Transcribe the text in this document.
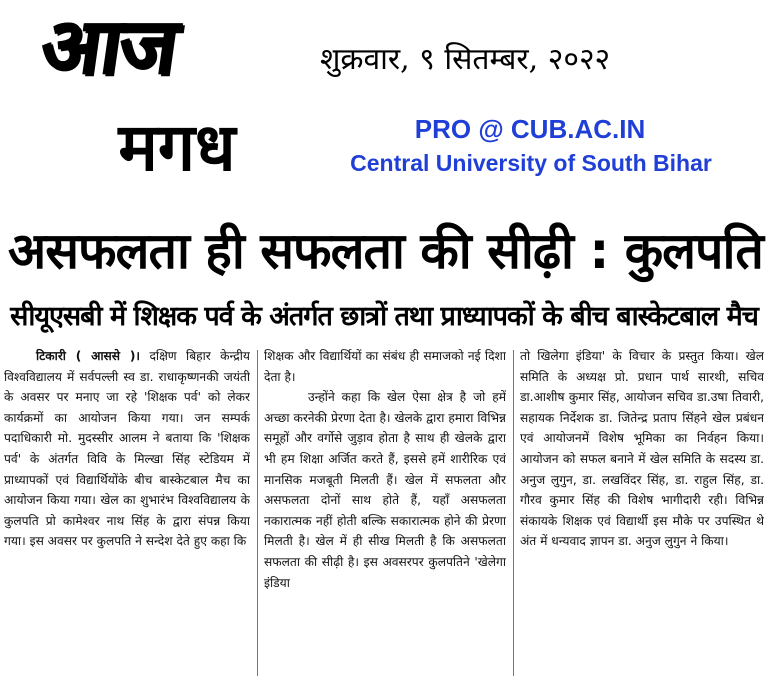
आज
मगध
शुक्रवार, ९ सितम्बर, २०२२
PRO @ CUB.AC.IN
Central University of South Bihar
असफलता ही सफलता की सीढ़ी : कुलपति
सीयूएसबी में शिक्षक पर्व के अंतर्गत छात्रों तथा प्राध्यापकों के बीच बास्केटबाल मैच

टिकारी ( आससे )। दक्षिण बिहार केन्द्रीय विश्वविद्यालय में सर्वपल्ली स्व डा. राधाकृष्णनकी जयंती के अवसर पर मनाए जा रहे 'शिक्षक पर्व' को लेकर कार्यक्रमों का आयोजन किया गया। जन सम्पर्क पदाधिकारी मो. मुदस्सीर आलम ने बताया कि 'शिक्षक पर्व' के अंतर्गत विवि के मिल्खा सिंह स्टेडियम में प्राध्यापकों एवं विद्यार्थियोंके बीच बास्केटबाल मैच का आयोजन किया गया। खेल का शुभारंभ विश्वविद्यालय के कुलपति प्रो कामेश्वर नाथ सिंह के द्वारा संपन्न किया गया। इस अवसर पर कुलपति ने सन्देश देते हुए कहा कि

शिक्षक और विद्यार्थियों का संबंध ही समाजको नई दिशा देता है।

उन्होंने कहा कि खेल ऐसा क्षेत्र है जो हमें अच्छा करनेकी प्रेरणा देता है। खेलके द्वारा हमारा विभिन्न समूहों और वर्गोसे जुड़ाव होता है साथ ही खेलके द्वारा भी हम शिक्षा अर्जित करते हैं, इससे हमें शारीरिक एवं मानसिक मजबूती मिलती हैं। खेल में सफलता और असफलता दोनों साथ होते हैं, यहाँ असफलता नकारात्मक नहीं होती बल्कि सकारात्मक होने की प्रेरणा मिलती है। खेल में ही सीख मिलती है कि असफलता सफलता की सीढ़ी है। इस अवसरपर कुलपतिने 'खेलेगा इंडिया

तो खिलेगा इंडिया' के विचार के प्रस्तुत किया। खेल समिति के अध्यक्ष प्रो. प्रधान पार्थ सारथी, सचिव डा.आशीष कुमार सिंह, आयोजन सचिव डा.उषा तिवारी, सहायक निर्देशक डा. जितेन्द्र प्रताप सिंहने खेल प्रबंधन एवं आयोजनमें विशेष भूमिका का निर्वहन किया। आयोजन को सफल बनाने में खेल समिति के सदस्य डा. अनुज लुगुन, डा. लखविंदर सिंह, डा. राहुल सिंह, डा. गौरव कुमार सिंह की विशेष भागीदारी रही। विभिन्न संकायके शिक्षक एवं विद्यार्थी इस मौके पर उपस्थित थे अंत में धन्यवाद ज्ञापन डा. अनुज लुगुन ने किया।
